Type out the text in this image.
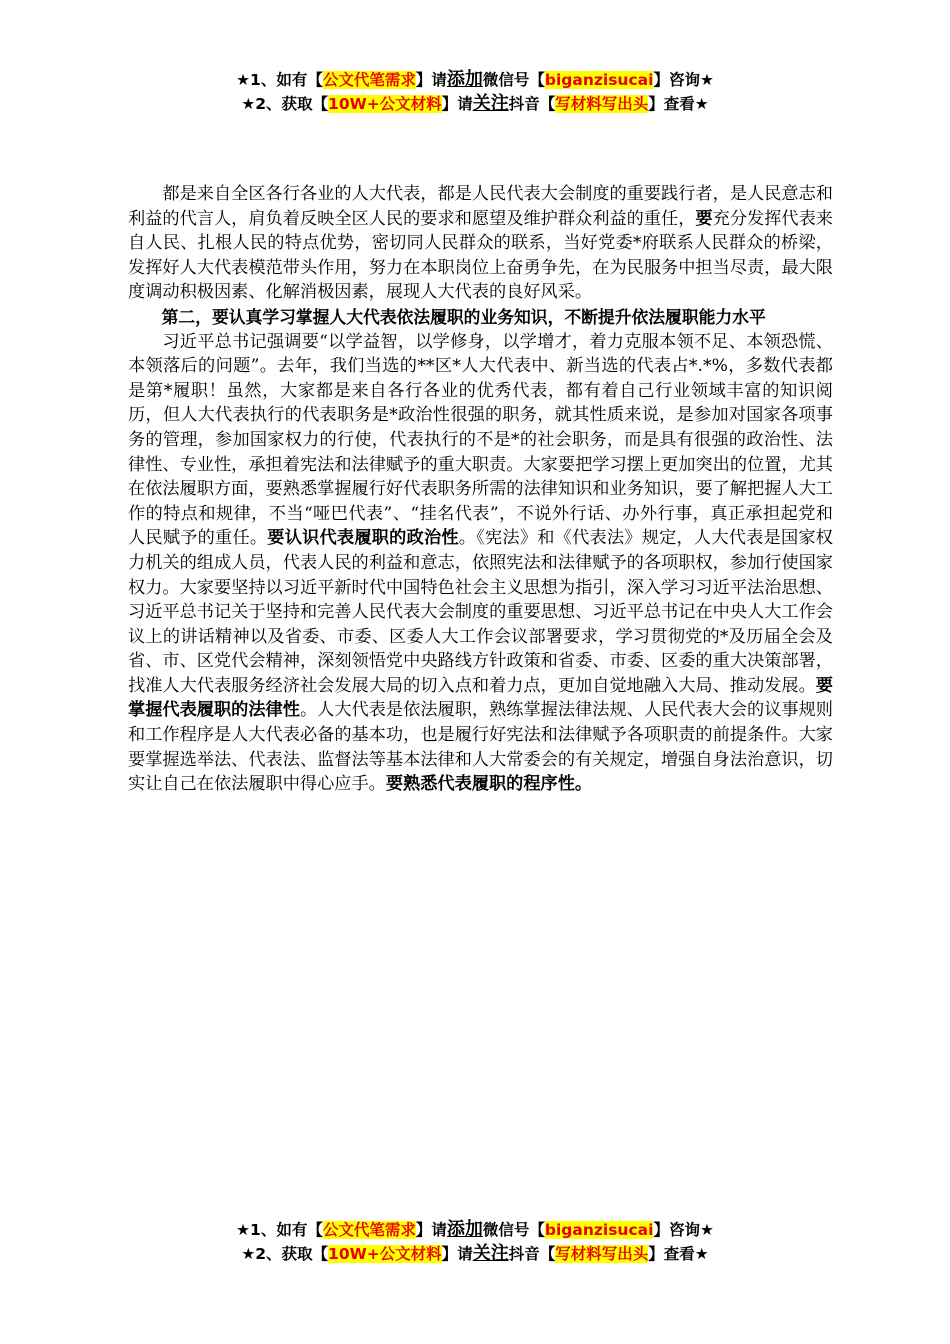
★1、如有【公文代笔需求】请添加微信号【biganzisucai】咨询★
★2、获取【10W+公文材料】请关注抖音【写材料写出头】查看★

都是来自全区各行各业的人大代表，都是人民代表大会制度的重要践行者，是人民意志和利益的代言人，肩负着反映全区人民的要求和愿望及维护群众利益的重任，要充分发挥代表来自人民、扎根人民的特点优势，密切同人民群众的联系，当好党委*府联系人民群众的桥梁，发挥好人大代表模范带头作用，努力在本职岗位上奋勇争先，在为民服务中担当尽责，最大限度调动积极因素、化解消极因素，展现人大代表的良好风采。

第二，要认真学习掌握人大代表依法履职的业务知识，不断提升依法履职能力水平

习近平总书记强调要“以学益智，以学修身，以学增才，着力克服本领不足、本领恐慌、本领落后的问题”。去年，我们当选的**区*人大代表中、新当选的代表占*.*%，多数代表都是第*履职！虽然，大家都是来自各行各业的优秀代表，都有着自己行业领域丰富的知识阅历，但人大代表执行的代表职务是*政治性很强的职务，就其性质来说，是参加对国家各项事务的管理，参加国家权力的行使，代表执行的不是*的社会职务，而是具有很强的政治性、法律性、专业性，承担着宪法和法律赋予的重大职责。大家要把学习摆上更加突出的位置，尤其在依法履职方面，要熟悉掌握履行好代表职务所需的法律知识和业务知识，要了解把握人大工作的特点和规律，不当“哑巴代表”、“挂名代表”，不说外行话、办外行事，真正承担起党和人民赋予的重任。要认识代表履职的政治性。《宪法》和《代表法》规定，人大代表是国家权力机关的组成人员，代表人民的利益和意志，依照宪法和法律赋予的各项职权，参加行使国家权力。大家要坚持以习近平新时代中国特色社会主义思想为指引，深入学习习近平法治思想、习近平总书记关于坚持和完善人民代表大会制度的重要思想、习近平总书记在中央人大工作会议上的讲话精神以及省委、市委、区委人大工作会议部署要求，学习贯彻党的*及历届全会及省、市、区党代会精神，深刻领悟党中央路线方针政策和省委、市委、区委的重大决策部署，找准人大代表服务经济社会发展大局的切入点和着力点，更加自觉地融入大局、推动发展。要掌握代表履职的法律性。人大代表是依法履职，熟练掌握法律法规、人民代表大会的议事规则和工作程序是人大代表必备的基本功，也是履行好宪法和法律赋予各项职责的前提条件。大家要掌握选举法、代表法、监督法等基本法律和人大常委会的有关规定，增强自身法治意识，切实让自己在依法履职中得心应手。要熟悉代表履职的程序性。

★1、如有【公文代笔需求】请添加微信号【biganzisucai】咨询★
★2、获取【10W+公文材料】请关注抖音【写材料写出头】查看★
